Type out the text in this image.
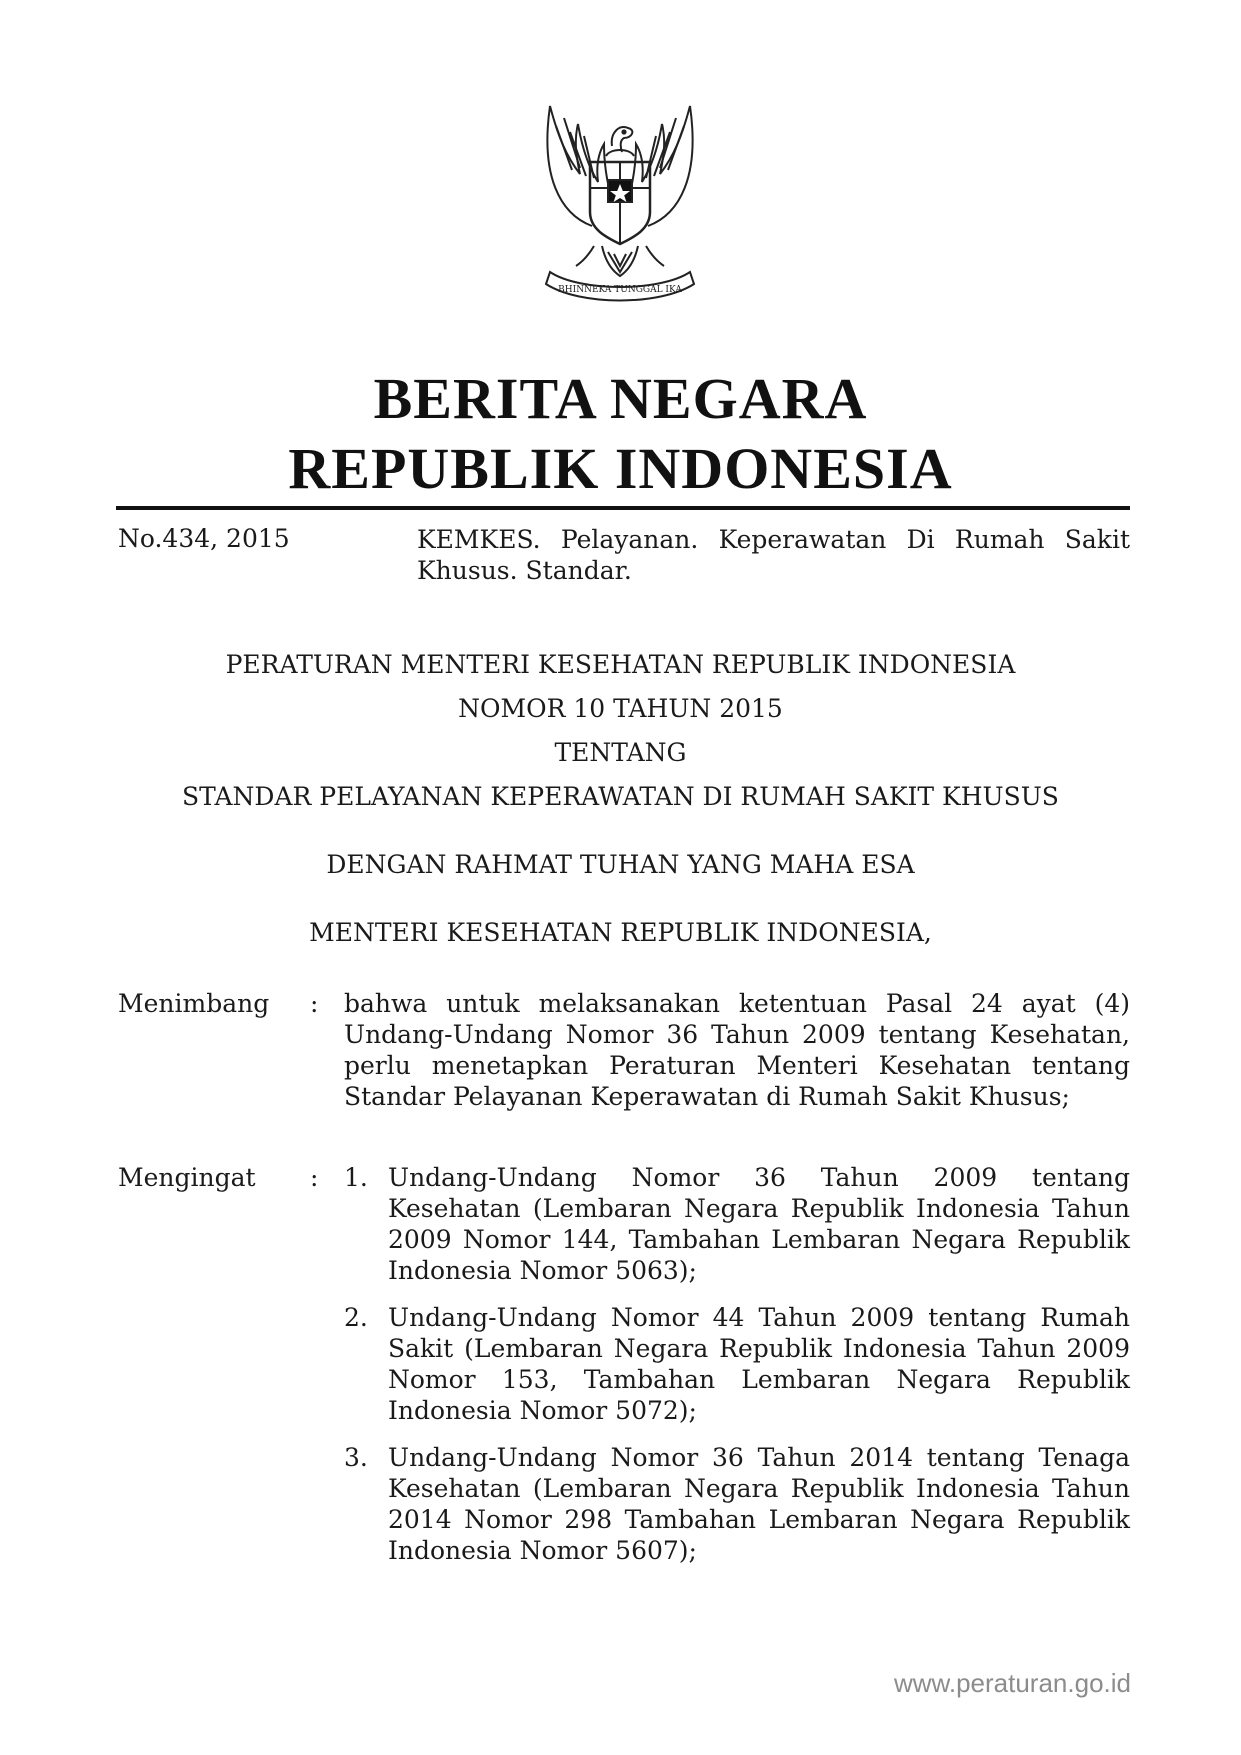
BHINNEKA TUNGGAL IKA
BERITA NEGARA
REPUBLIK INDONESIA
No.434, 2015	KEMKES. Pelayanan. Keperawatan Di Rumah Sakit Khusus. Standar.
PERATURAN MENTERI KESEHATAN REPUBLIK INDONESIA
NOMOR 10 TAHUN 2015
TENTANG
STANDAR PELAYANAN KEPERAWATAN DI RUMAH SAKIT KHUSUS
DENGAN RAHMAT TUHAN YANG MAHA ESA
MENTERI KESEHATAN REPUBLIK INDONESIA,
Menimbang : bahwa untuk melaksanakan ketentuan Pasal 24 ayat (4) Undang-Undang Nomor 36 Tahun 2009 tentang Kesehatan, perlu menetapkan Peraturan Menteri Kesehatan tentang Standar Pelayanan Keperawatan di Rumah Sakit Khusus;
Mengingat : 1. Undang-Undang Nomor 36 Tahun 2009 tentang Kesehatan (Lembaran Negara Republik Indonesia Tahun 2009 Nomor 144, Tambahan Lembaran Negara Republik Indonesia Nomor 5063);
2. Undang-Undang Nomor 44 Tahun 2009 tentang Rumah Sakit (Lembaran Negara Republik Indonesia Tahun 2009 Nomor 153, Tambahan Lembaran Negara Republik Indonesia Nomor 5072);
3. Undang-Undang Nomor 36 Tahun 2014 tentang Tenaga Kesehatan (Lembaran Negara Republik Indonesia Tahun 2014 Nomor 298 Tambahan Lembaran Negara Republik Indonesia Nomor 5607);
www.peraturan.go.id
